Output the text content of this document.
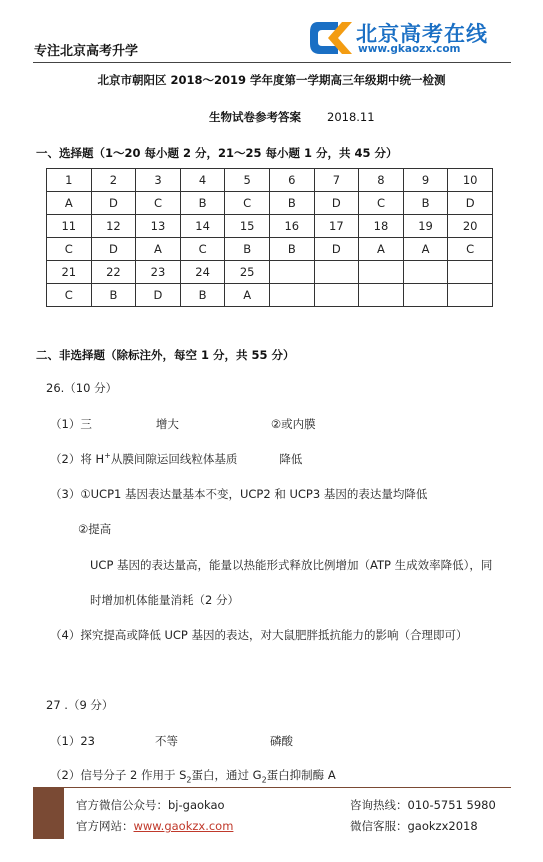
专注北京高考升学
北京高考在线
www.gkaozx.com
北京市朝阳区 2018～2019 学年度第一学期高三年级期中统一检测
生物试卷参考答案 2018.11
一、选择题（1～20 每小题 2 分，21～25 每小题 1 分，共 45 分）
1	2	3	4	5	6	7	8	9	10
A	D	C	B	C	B	D	C	B	D
11	12	13	14	15	16	17	18	19	20
C	D	A	C	B	B	D	A	A	C
21	22	23	24	25					
C	B	D	B	A					
二、非选择题（除标注外，每空 1 分，共 55 分）
26.（10 分）
（1）三	增大	②或内膜
（2）将 H+从膜间隙运回线粒体基质	降低
（3）①UCP1 基因表达量基本不变，UCP2 和 UCP3 基因的表达量均降低
②提高
UCP 基因的表达量高，能量以热能形式释放比例增加（ATP 生成效率降低），同
时增加机体能量消耗（2 分）
（4）探究提高或降低 UCP 基因的表达，对大鼠肥胖抵抗能力的影响（合理即可）
27 .（9 分）
（1）23	不等	磷酸
（2）信号分子 2 作用于 $S_2$蛋白，通过 $G_2$蛋白抑制酶 A
官方微信公众号：bj-gaokao
官方网站：www.gaokzx.com
咨询热线：010-5751 5980
微信客服：gaokzx2018
